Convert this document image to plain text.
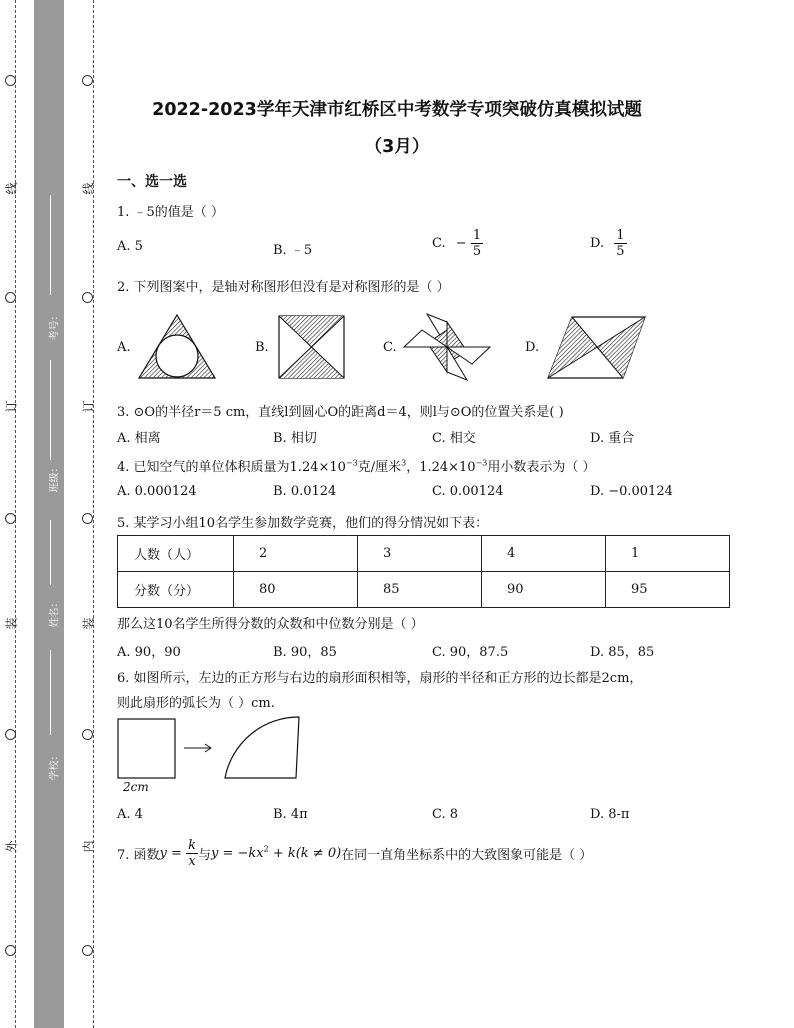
线
订
装
外
线
订
装
内
考号：
班级：
姓名：
学校：
2022-2023学年天津市红桥区中考数学专项突破仿真模拟试题
（3月）
一、选一选
1. ﹣5的值是（ ）
A. 5	B. ﹣5	C. − $\frac{1}{5}$	D. $\frac{1}{5}$
2. 下列图案中，是轴对称图形但没有是对称图形的是（ ）
A.	B.	C.	D.
3. ⊙O的半径r＝5 cm，直线l到圆心O的距离d＝4，则l与⊙O的位置关系是( )
A. 相离	B. 相切	C. 相交	D. 重合
4. 已知空气的单位体积质量为$1.24\times 10^{-3}$克/厘米$^3$，$1.24\times 10^{-3}$用小数表示为（ ）
A. 0.000124	B. 0.0124	C. 0.00124	D. −0.00124
5. 某学习小组10名学生参加数学竞赛，他们的得分情况如下表：
人数（人）	2	3	4	1
分数（分）	80	85	90	95
那么这10名学生所得分数的众数和中位数分别是（ ）
A. 90，90	B. 90，85	C. 90，87.5	D. 85，85
6. 如图所示，左边的正方形与右边的扇形面积相等，扇形的半径和正方形的边长都是2cm，
则此扇形的弧长为（ ）cm.
2cm
A. 4	B. 4π	C. 8	D. 8-π
7. 函数$y = \frac{k}{x}$ 与$y = -kx^2 + k(k \ne 0)$在同一直角坐标系中的大致图象可能是（ ）
